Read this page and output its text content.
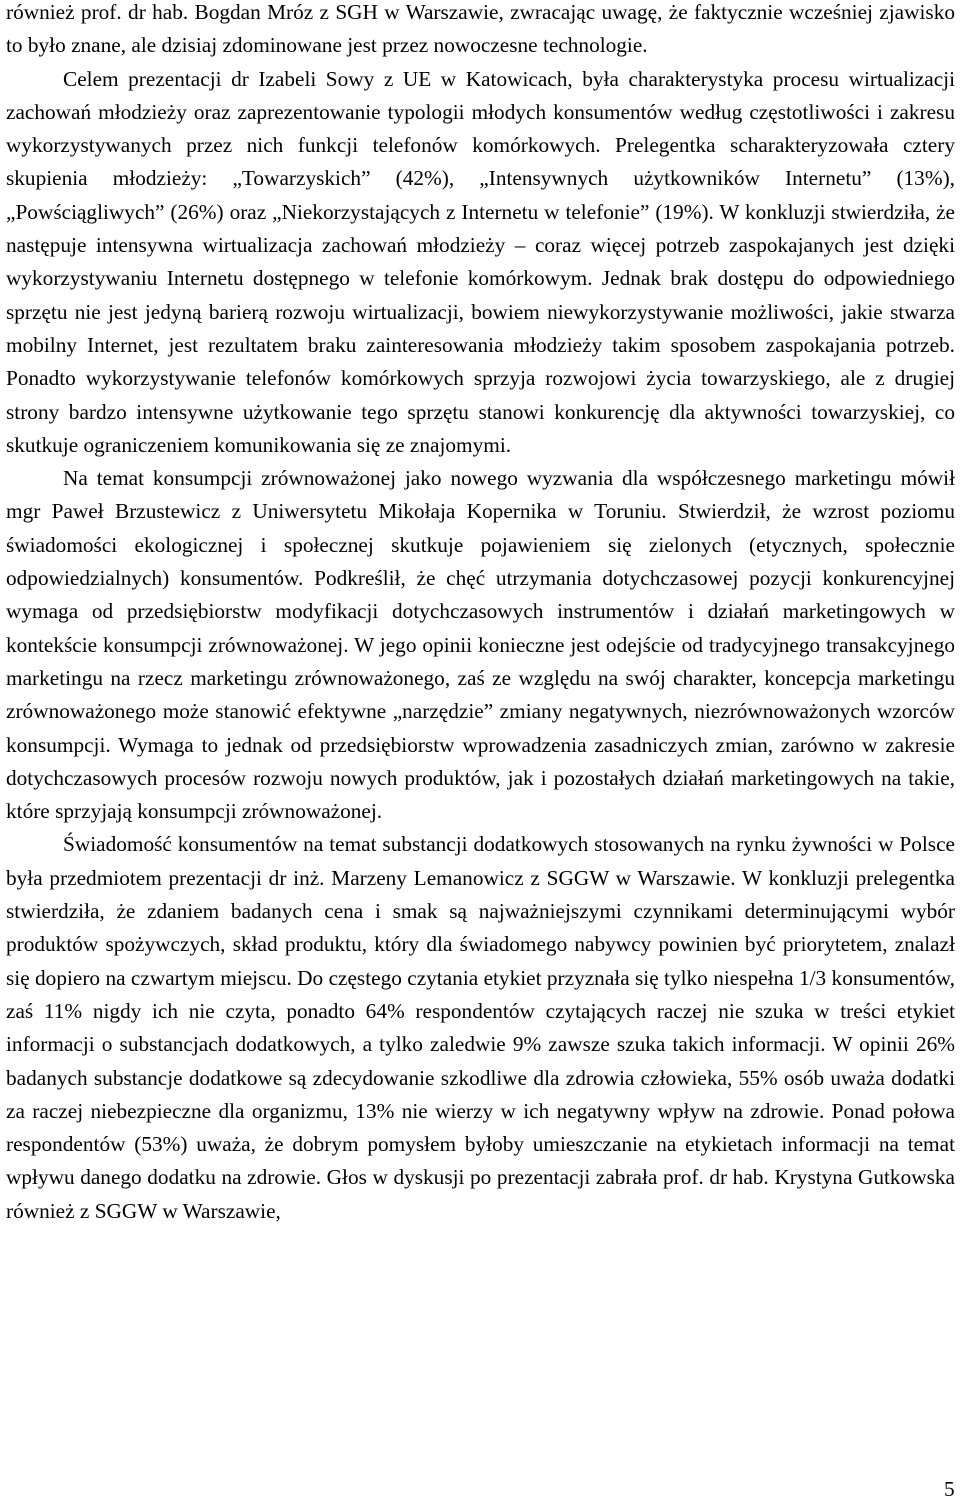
również prof. dr hab. Bogdan Mróz z SGH w Warszawie, zwracając uwagę, że faktycznie wcześniej zjawisko to było znane, ale dzisiaj zdominowane jest przez nowoczesne technologie.

Celem prezentacji dr Izabeli Sowy z UE w Katowicach, była charakterystyka procesu wirtualizacji zachowań młodzieży oraz zaprezentowanie typologii młodych konsumentów według częstotliwości i zakresu wykorzystywanych przez nich funkcji telefonów komórkowych. Prelegentka scharakteryzowała cztery skupienia młodzieży: „Towarzyskich” (42%), „Intensywnych użytkowników Internetu” (13%), „Powściągliwych” (26%) oraz „Niekorzystających z Internetu w telefonie” (19%). W konkluzji stwierdziła, że następuje intensywna wirtualizacja zachowań młodzieży – coraz więcej potrzeb zaspokajanych jest dzięki wykorzystywaniu Internetu dostępnego w telefonie komórkowym. Jednak brak dostępu do odpowiedniego sprzętu nie jest jedyną barierą rozwoju wirtualizacji, bowiem niewykorzystywanie możliwości, jakie stwarza mobilny Internet, jest rezultatem braku zainteresowania młodzieży takim sposobem zaspokajania potrzeb. Ponadto wykorzystywanie telefonów komórkowych sprzyja rozwojowi życia towarzyskiego, ale z drugiej strony bardzo intensywne użytkowanie tego sprzętu stanowi konkurencję dla aktywności towarzyskiej, co skutkuje ograniczeniem komunikowania się ze znajomymi.

Na temat konsumpcji zrównoważonej jako nowego wyzwania dla współczesnego marketingu mówił mgr Paweł Brzustewicz z Uniwersytetu Mikołaja Kopernika w Toruniu. Stwierdził, że wzrost poziomu świadomości ekologicznej i społecznej skutkuje pojawieniem się zielonych (etycznych, społecznie odpowiedzialnych) konsumentów. Podkreślił, że chęć utrzymania dotychczasowej pozycji konkurencyjnej wymaga od przedsiębiorstw modyfikacji dotychczasowych instrumentów i działań marketingowych w kontekście konsumpcji zrównoważonej. W jego opinii konieczne jest odejście od tradycyjnego transakcyjnego marketingu na rzecz marketingu zrównoważonego, zaś ze względu na swój charakter, koncepcja marketingu zrównoważonego może stanowić efektywne „narzędzie” zmiany negatywnych, niezrównoważonych wzorców konsumpcji. Wymaga to jednak od przedsiębiorstw wprowadzenia zasadniczych zmian, zarówno w zakresie dotychczasowych procesów rozwoju nowych produktów, jak i pozostałych działań marketingowych na takie, które sprzyjają konsumpcji zrównoważonej.

Świadomość konsumentów na temat substancji dodatkowych stosowanych na rynku żywności w Polsce była przedmiotem prezentacji dr inż. Marzeny Lemanowicz z SGGW w Warszawie. W konkluzji prelegentka stwierdziła, że zdaniem badanych cena i smak są najważniejszymi czynnikami determinującymi wybór produktów spożywczych, skład produktu, który dla świadomego nabywcy powinien być priorytetem, znalazł się dopiero na czwartym miejscu. Do częstego czytania etykiet przyznała się tylko niespełna 1/3 konsumentów, zaś 11% nigdy ich nie czyta, ponadto 64% respondentów czytających raczej nie szuka w treści etykiet informacji o substancjach dodatkowych, a tylko zaledwie 9% zawsze szuka takich informacji. W opinii 26% badanych substancje dodatkowe są zdecydowanie szkodliwe dla zdrowia człowieka, 55% osób uważa dodatki za raczej niebezpieczne dla organizmu, 13% nie wierzy w ich negatywny wpływ na zdrowie. Ponad połowa respondentów (53%) uważa, że dobrym pomysłem byłoby umieszczanie na etykietach informacji na temat wpływu danego dodatku na zdrowie. Głos w dyskusji po prezentacji zabrała prof. dr hab. Krystyna Gutkowska również z SGGW w Warszawie,

5
